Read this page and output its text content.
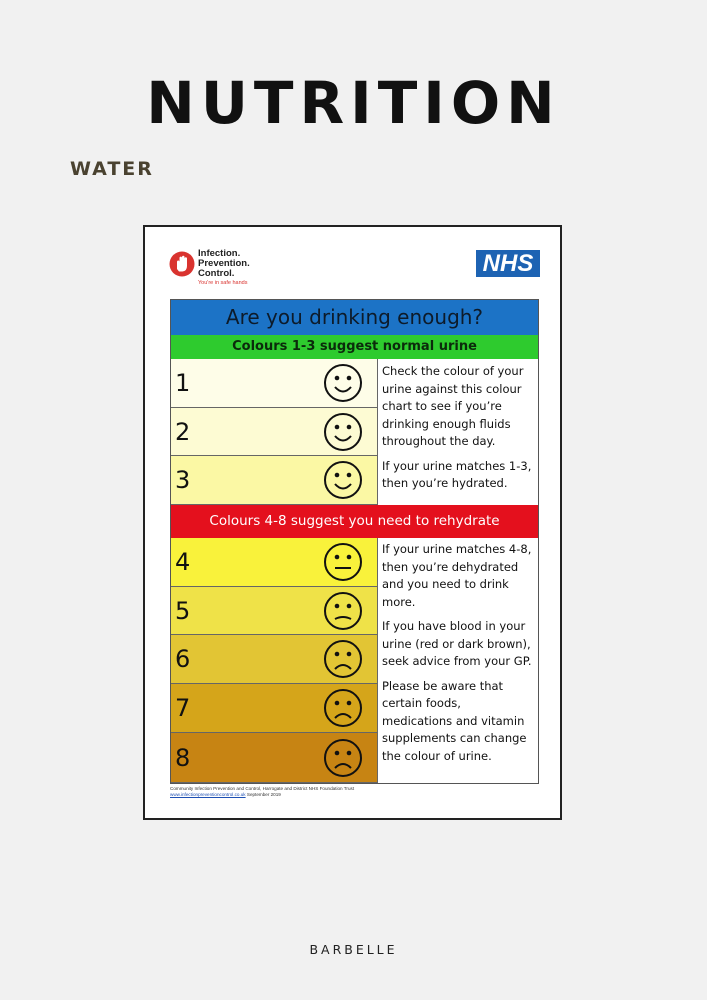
NUTRITION
WATER
Infection.
Prevention.
Control.
You're in safe hands
NHS
Are you drinking enough?
Colours 1-3 suggest normal urine

Check the colour of your urine against this colour chart to see if you’re drinking enough fluids throughout the day.

If your urine matches 1-3, then you’re hydrated.

Colours 4-8 suggest you need to rehydrate

If your urine matches 4-8, then you’re dehydrated and you need to drink more.

If you have blood in your urine (red or dark brown), seek advice from your GP.

Please be aware that certain foods, medications and vitamin supplements can change the colour of urine.

1
2
3
4
5
6
7
8
Community Infection Prevention and Control, Harrogate and District NHS Foundation Trust
www.infectionpreventioncontrol.co.uk September 2019
BARBELLE
